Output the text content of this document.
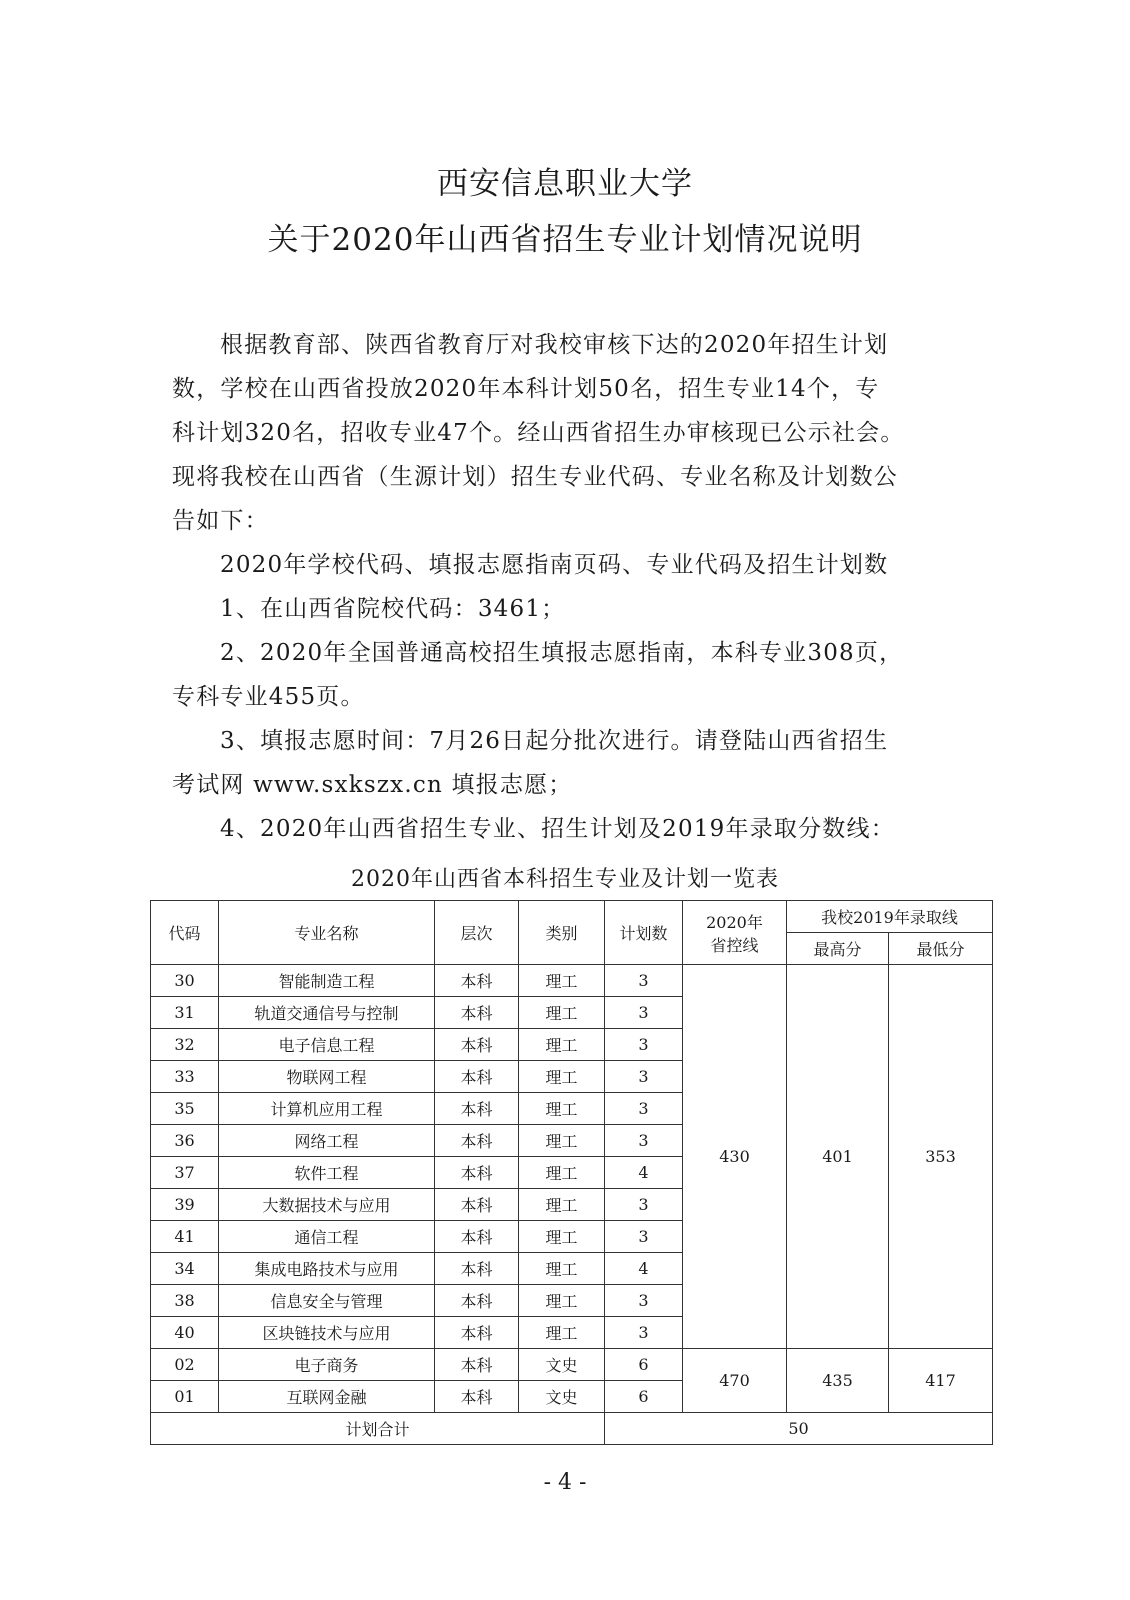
西安信息职业大学
关于2020年山西省招生专业计划情况说明
根据教育部、陕西省教育厅对我校审核下达的2020年招生计划
数，学校在山西省投放2020年本科计划50名，招生专业14个，专
科计划320名，招收专业47个。经山西省招生办审核现已公示社会。
现将我校在山西省（生源计划）招生专业代码、专业名称及计划数公
告如下：
2020年学校代码、填报志愿指南页码、专业代码及招生计划数
1、在山西省院校代码：3461；
2、2020年全国普通高校招生填报志愿指南，本科专业308页，
专科专业455页。
3、填报志愿时间：7月26日起分批次进行。请登陆山西省招生
考试网 www.sxkszx.cn 填报志愿；
4、2020年山西省招生专业、招生计划及2019年录取分数线：
2020年山西省本科招生专业及计划一览表
代码	专业名称	层次	类别	计划数	2020年
省控线	我校2019年录取线	
						最高分	最低分
30	智能制造工程	本科	理工	3	430	401	353
31	轨道交通信号与控制	本科	理工	3			
32	电子信息工程	本科	理工	3			
33	物联网工程	本科	理工	3			
35	计算机应用工程	本科	理工	3			
36	网络工程	本科	理工	3			
37	软件工程	本科	理工	4			
39	大数据技术与应用	本科	理工	3			
41	通信工程	本科	理工	3			
34	集成电路技术与应用	本科	理工	4			
38	信息安全与管理	本科	理工	3			
40	区块链技术与应用	本科	理工	3			
02	电子商务	本科	文史	6	470	435	417
01	互联网金融	本科	文史	6			
计划合计				50			
- 4 -
